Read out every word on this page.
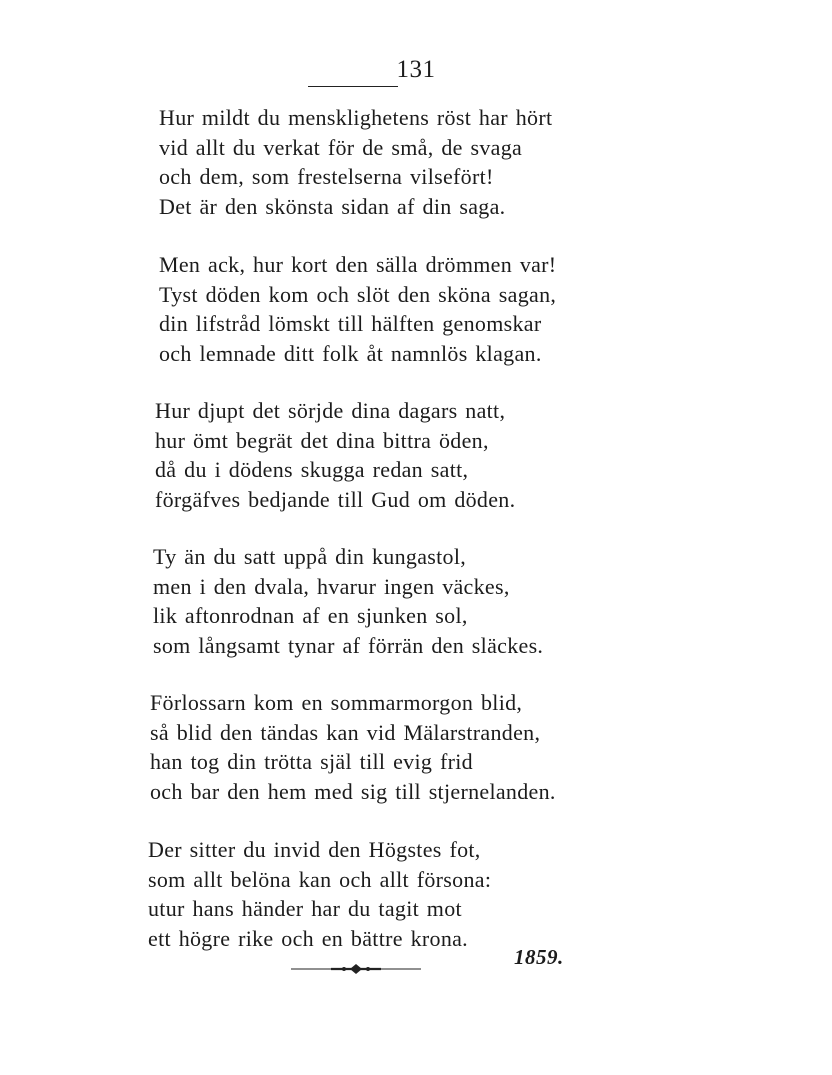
131
Hur mildt du mensklighetens röst har hört
vid allt du verkat för de små, de svaga
och dem, som frestelserna vilsefört!
Det är den skönsta sidan af din saga.
Men ack, hur kort den sälla drömmen var!
Tyst döden kom och slöt den sköna sagan,
din lifstråd lömskt till hälften genomskar
och lemnade ditt folk åt namnlös klagan.
Hur djupt det sörjde dina dagars natt,
hur ömt begrät det dina bittra öden,
då du i dödens skugga redan satt,
förgäfves bedjande till Gud om döden.
Ty än du satt uppå din kungastol,
men i den dvala, hvarur ingen väckes,
lik aftonrodnan af en sjunken sol,
som långsamt tynar af förrän den släckes.
Förlossarn kom en sommarmorgon blid,
så blid den tändas kan vid Mälarstranden,
han tog din trötta själ till evig frid
och bar den hem med sig till stjernelanden.
Der sitter du invid den Högstes fot,
som allt belöna kan och allt försona:
utur hans händer har du tagit mot
ett högre rike och en bättre krona.
1859.
